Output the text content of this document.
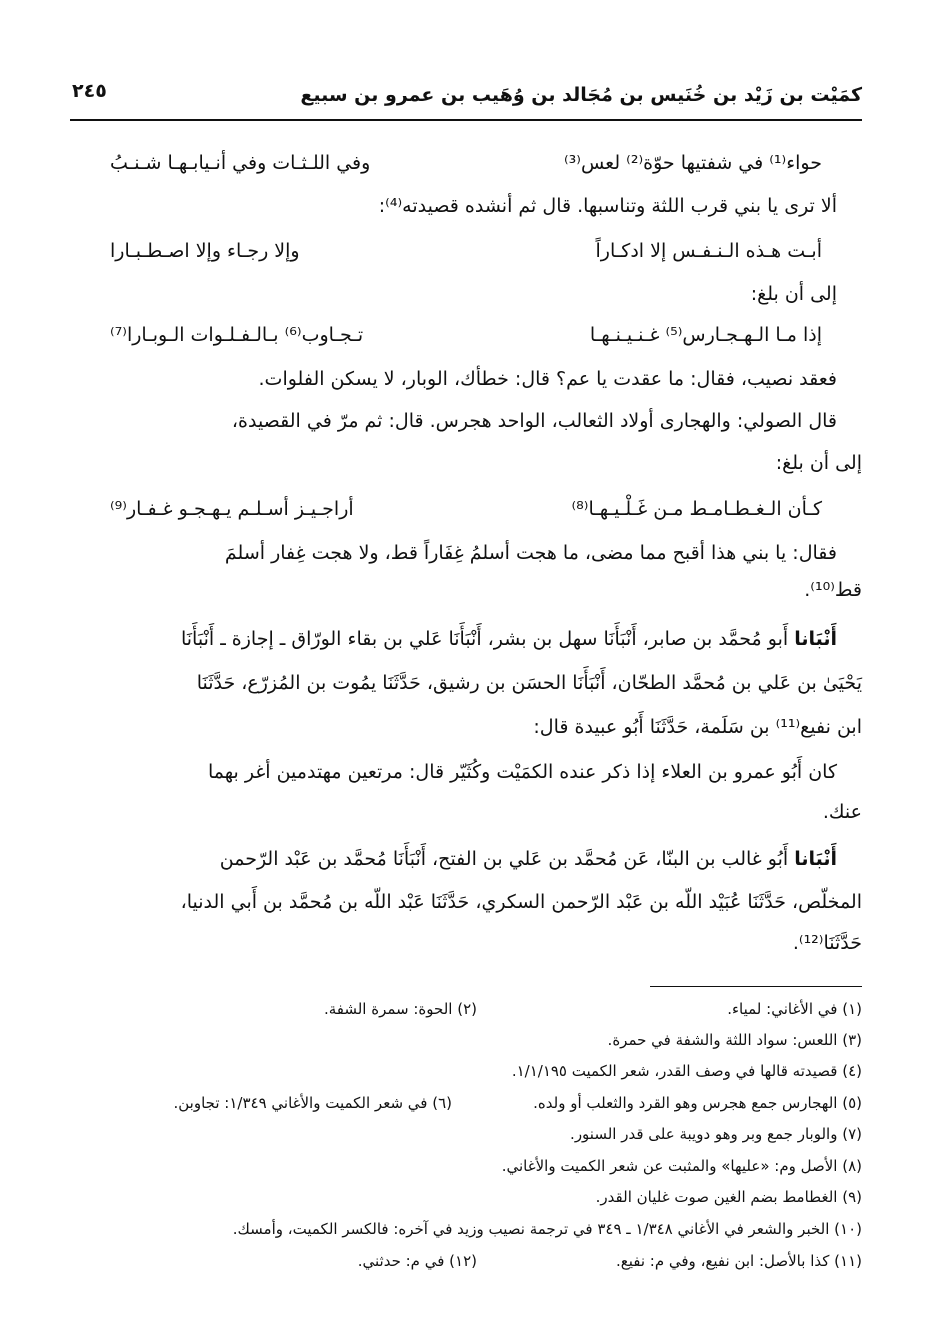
كمَيْت بن زَيْد بن خُنَيس بن مُجَالد بن وُهَيب بن عمرو بن سبيع
٢٤٥
حواء⁽¹⁾ في شفتيها حوّة⁽²⁾ لعس⁽³⁾
وفي اللـثـات وفي أنـيابـهـا شـنـبُ
ألا ترى يا بني قرب اللثة وتناسبها. قال ثم أنشده قصيدته⁽⁴⁾:
أبـت هـذه الـنـفـس إلا ادكـاراً
وإلا رجـاء وإلا اصـطـبـارا
إلى أن بلغ:
إذا مـا الـهـجـارس⁽⁵⁾ غـنـيـنـهـا
تـجـاوب⁽⁶⁾ بـالـفـلـوات الـوبـارا⁽⁷⁾
فعقد نصيب، فقال: ما عقدت يا عم؟ قال: خطأك، الوبار، لا يسكن الفلوات.
قال الصولي: والهجارى أولاد الثعالب، الواحد هجرس. قال: ثم مرّ في القصيدة،
إلى أن بلغ:
كـأن الـغـطـامـط مـن غَـلْـيـهـا⁽⁸⁾
أراجـيـز أسـلـم يـهـجـو غـفـار⁽⁹⁾
فقال: يا بني هذا أقبح مما مضى، ما هجت أسلمُ غِفَاراً قط، ولا هجت غِفار أسلمَ
قط⁽¹⁰⁾.
أَنْبَانا أَبو مُحمَّد بن صابر، أَنْبَأَنَا سهل بن بشر، أَنْبَأَنَا عَلي بن بقاء الورّاق ـ إجازة ـ أَنْبَأَنَا
يَحْيَىٰ بن عَلي بن مُحمَّد الطحّان، أَنْبَأَنَا الحسَن بن رشيق، حَدَّثَنَا يمُوت بن المُزرّع، حَدَّثَنَا
ابن نفيع⁽¹¹⁾ بن سَلَمة، حَدَّثَنَا أَبُو عبيدة قال:
كان أَبُو عمرو بن العلاء إذا ذكر عنده الكمَيْت وكُثَيّر قال: مرتعين مهتدمين أغر بهما
عنك.
أَنْبَانا أَبُو غالب بن البنّا، عَن مُحمَّد بن عَلي بن الفتح، أَنْبَأَنَا مُحمَّد بن عَبْد الرّحمن
المخلّص، حَدَّثَنَا عُبَيْد اللّه بن عَبْد الرّحمن السكري، حَدَّثَنَا عَبْد اللّه بن مُحمَّد بن أَبي الدنيا،
حَدَّثَنَا⁽¹²⁾.
(١) في الأغاني: لمياء.
(٢) الحوة: سمرة الشفة.
(٣) اللعس: سواد اللثة والشفة في حمرة.
(٤) قصيدته قالها في وصف القدر، شعر الكميت ١/١/١٩٥.
(٥) الهجارس جمع هجرس وهو القرد والثعلب أو ولده.
(٦) في شعر الكميت والأغاني ١/٣٤٩: تجاوبن.
(٧) والوبار جمع وبر وهو دويبة على قدر السنور.
(٨) الأصل وم: «عليها» والمثبت عن شعر الكميت والأغاني.
(٩) الغطامط بضم الغين صوت غليان القدر.
(١٠) الخبر والشعر في الأغاني ١/٣٤٨ ـ ٣٤٩ في ترجمة نصيب وزيد في آخره: فالكسر الكميت، وأمسك.
(١١) كذا بالأصل: ابن نفيع، وفي م: نفيع.
(١٢) في م: حدثني.
